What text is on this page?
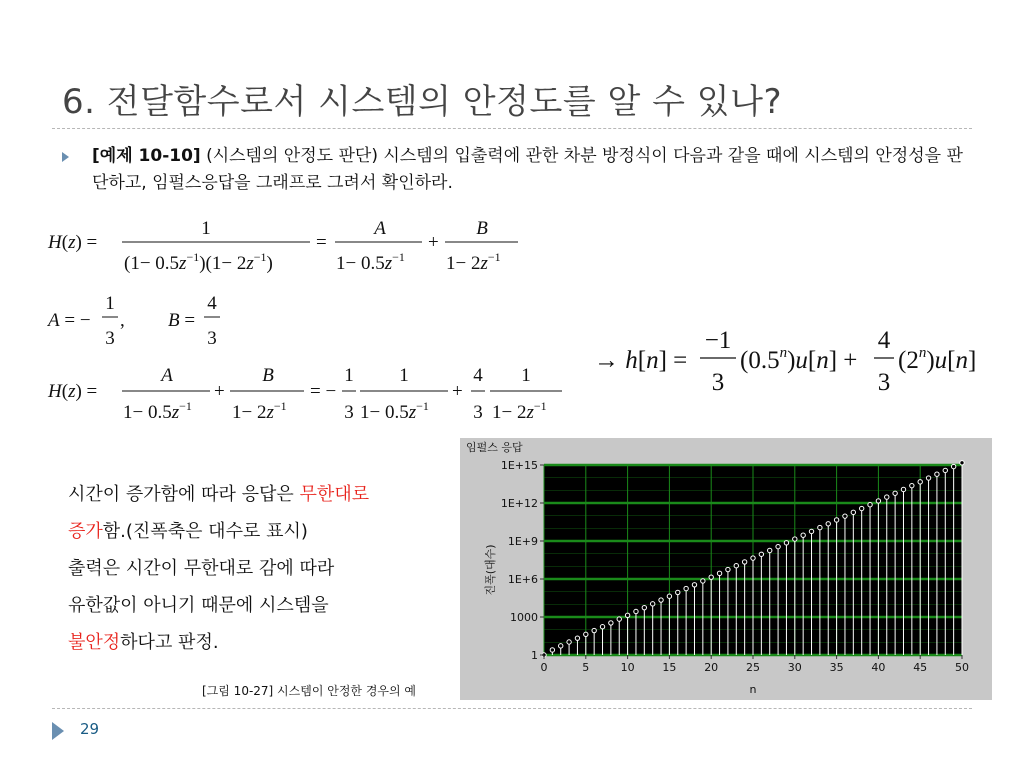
6. 전달함수로서 시스템의 안정도를 알 수 있나?
[예제 10-10] (시스템의 안정도 판단) 시스템의 입출력에 관한 차분 방정식이 다음과 같을 때에 시스템의 안정성을 판단하고, 임펄스응답을 그래프로 그려서 확인하라.
H(z) =
1
$(1- 0.5z^{-1})(1- 2z^{-1})$
=
A
$1- 0.5z^{-1}$
+
B
$1- 2z^{-1}$
A = −
1
3
, B =
4
3
H(z) =
A
$1- 0.5z^{-1}$
+
B
$1- 2z^{-1}$
= −
1
3
1
$1- 0.5z^{-1}$
+
4
3
1
$1- 2z^{-1}$
→ h[n] =
−1
3
$(0.5^n)u[n]$ +
4
3
(2$^n$)u[n]
시간이 증가함에 따라 응답은 무한대로
증가함.(진폭축은 대수로 표시)
출력은 시간이 무한대로 감에 따라
유한값이 아니기 때문에 시스템을
불안정하다고 판정.
임펄스 응답
진폭(대수)
n
0	5	10	15	20	25	30	35	40	45	50
1
1000
1E+6
1E+9
1E+12
1E+15
[그림 10-27] 시스템이 안정한 경우의 예
29
